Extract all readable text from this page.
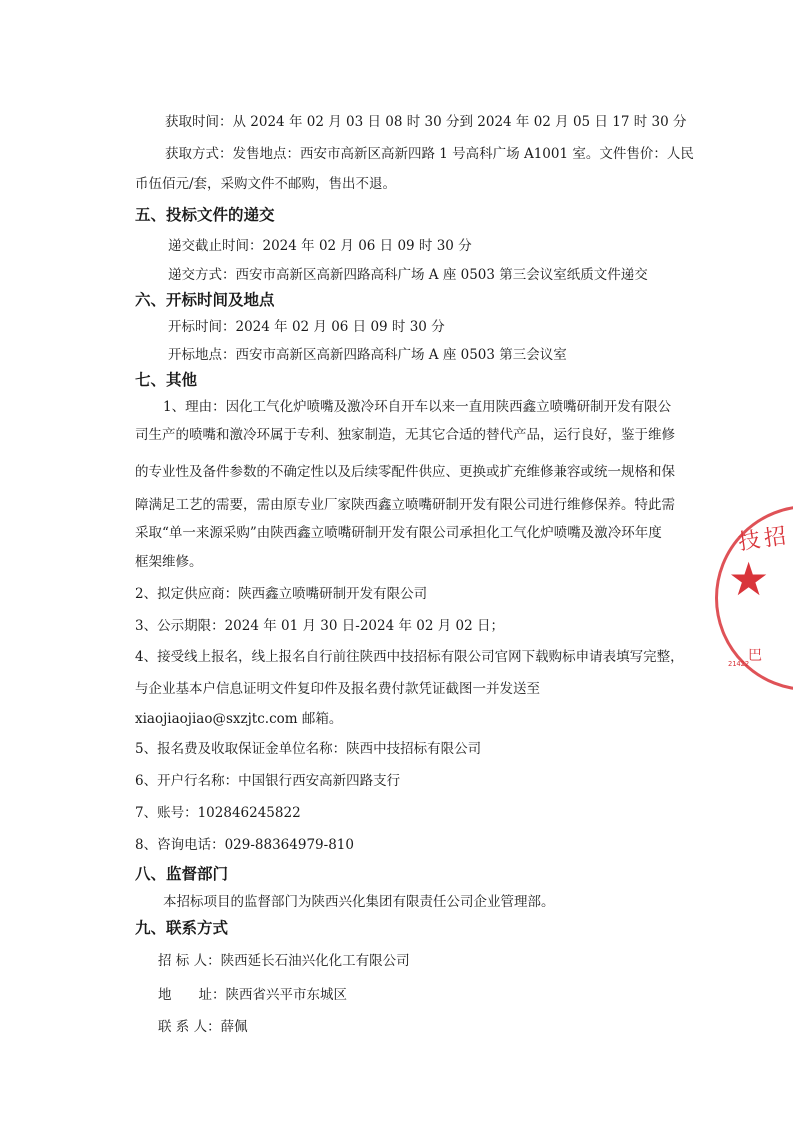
技招
★
巴
21422
获取时间：从 2024 年 02 月 03 日 08 时 30 分到 2024 年 02 月 05 日 17 时 30 分
获取方式：发售地点：西安市高新区高新四路 1 号高科广场 A1001 室。文件售价：人民
币伍佰元/套，采购文件不邮购，售出不退。
五、投标文件的递交
递交截止时间：2024 年 02 月 06 日 09 时 30 分
递交方式：西安市高新区高新四路高科广场 A 座 0503 第三会议室纸质文件递交
六、开标时间及地点
开标时间：2024 年 02 月 06 日 09 时 30 分
开标地点：西安市高新区高新四路高科广场 A 座 0503 第三会议室
七、其他
1、理由：因化工气化炉喷嘴及激冷环自开车以来一直用陕西鑫立喷嘴研制开发有限公
司生产的喷嘴和激冷环属于专利、独家制造，无其它合适的替代产品，运行良好，鉴于维修
的专业性及备件参数的不确定性以及后续零配件供应、更换或扩充维修兼容或统一规格和保
障满足工艺的需要，需由原专业厂家陕西鑫立喷嘴研制开发有限公司进行维修保养。特此需
采取“单一来源采购”由陕西鑫立喷嘴研制开发有限公司承担化工气化炉喷嘴及激冷环年度
框架维修。
2、拟定供应商：陕西鑫立喷嘴研制开发有限公司
3、公示期限：2024 年 01 月 30 日-2024 年 02 月 02 日；
4、接受线上报名，线上报名自行前往陕西中技招标有限公司官网下载购标申请表填写完整，
与企业基本户信息证明文件复印件及报名费付款凭证截图一并发送至
xiaojiaojiao@sxzjtc.com 邮箱。
5、报名费及收取保证金单位名称：陕西中技招标有限公司
6、开户行名称：中国银行西安高新四路支行
7、账号：102846245822
8、咨询电话：029-88364979-810
八、监督部门
本招标项目的监督部门为陕西兴化集团有限责任公司企业管理部。
九、联系方式
招 标 人：陕西延长石油兴化化工有限公司
地　　址：陕西省兴平市东城区
联 系 人：薛佩
